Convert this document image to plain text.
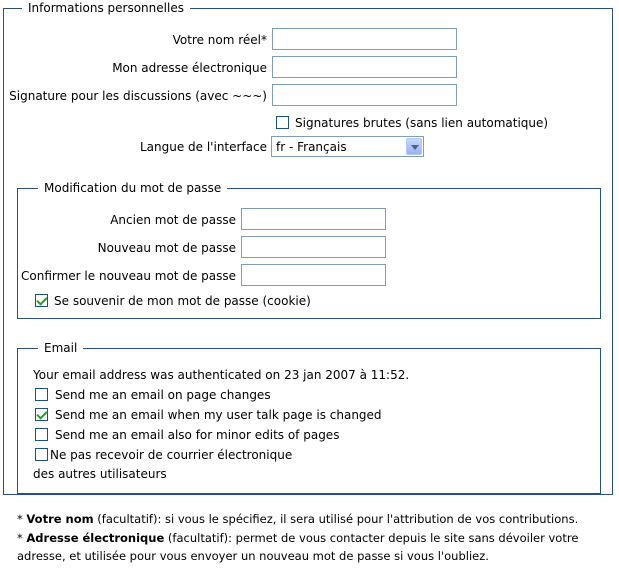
Informations personnelles
Votre nom réel*
Mon adresse électronique
Signature pour les discussions (avec ~~~)
Signatures brutes (sans lien automatique)
Langue de l'interface fr - Français
Modification du mot de passe
Ancien mot de passe
Nouveau mot de passe
Confirmer le nouveau mot de passe
Se souvenir de mon mot de passe (cookie)
Email
Your email address was authenticated on 23 jan 2007 à 11:52.
Send me an email on page changes
Send me an email when my user talk page is changed
Send me an email also for minor edits of pages
Ne pas recevoir de courrier électronique
des autres utilisateurs
* Votre nom (facultatif): si vous le spécifiez, il sera utilisé pour l'attribution de vos contributions.
* Adresse électronique (facultatif): permet de vous contacter depuis le site sans dévoiler votre adresse, et utilisée pour vous envoyer un nouveau mot de passe si vous l'oubliez.
